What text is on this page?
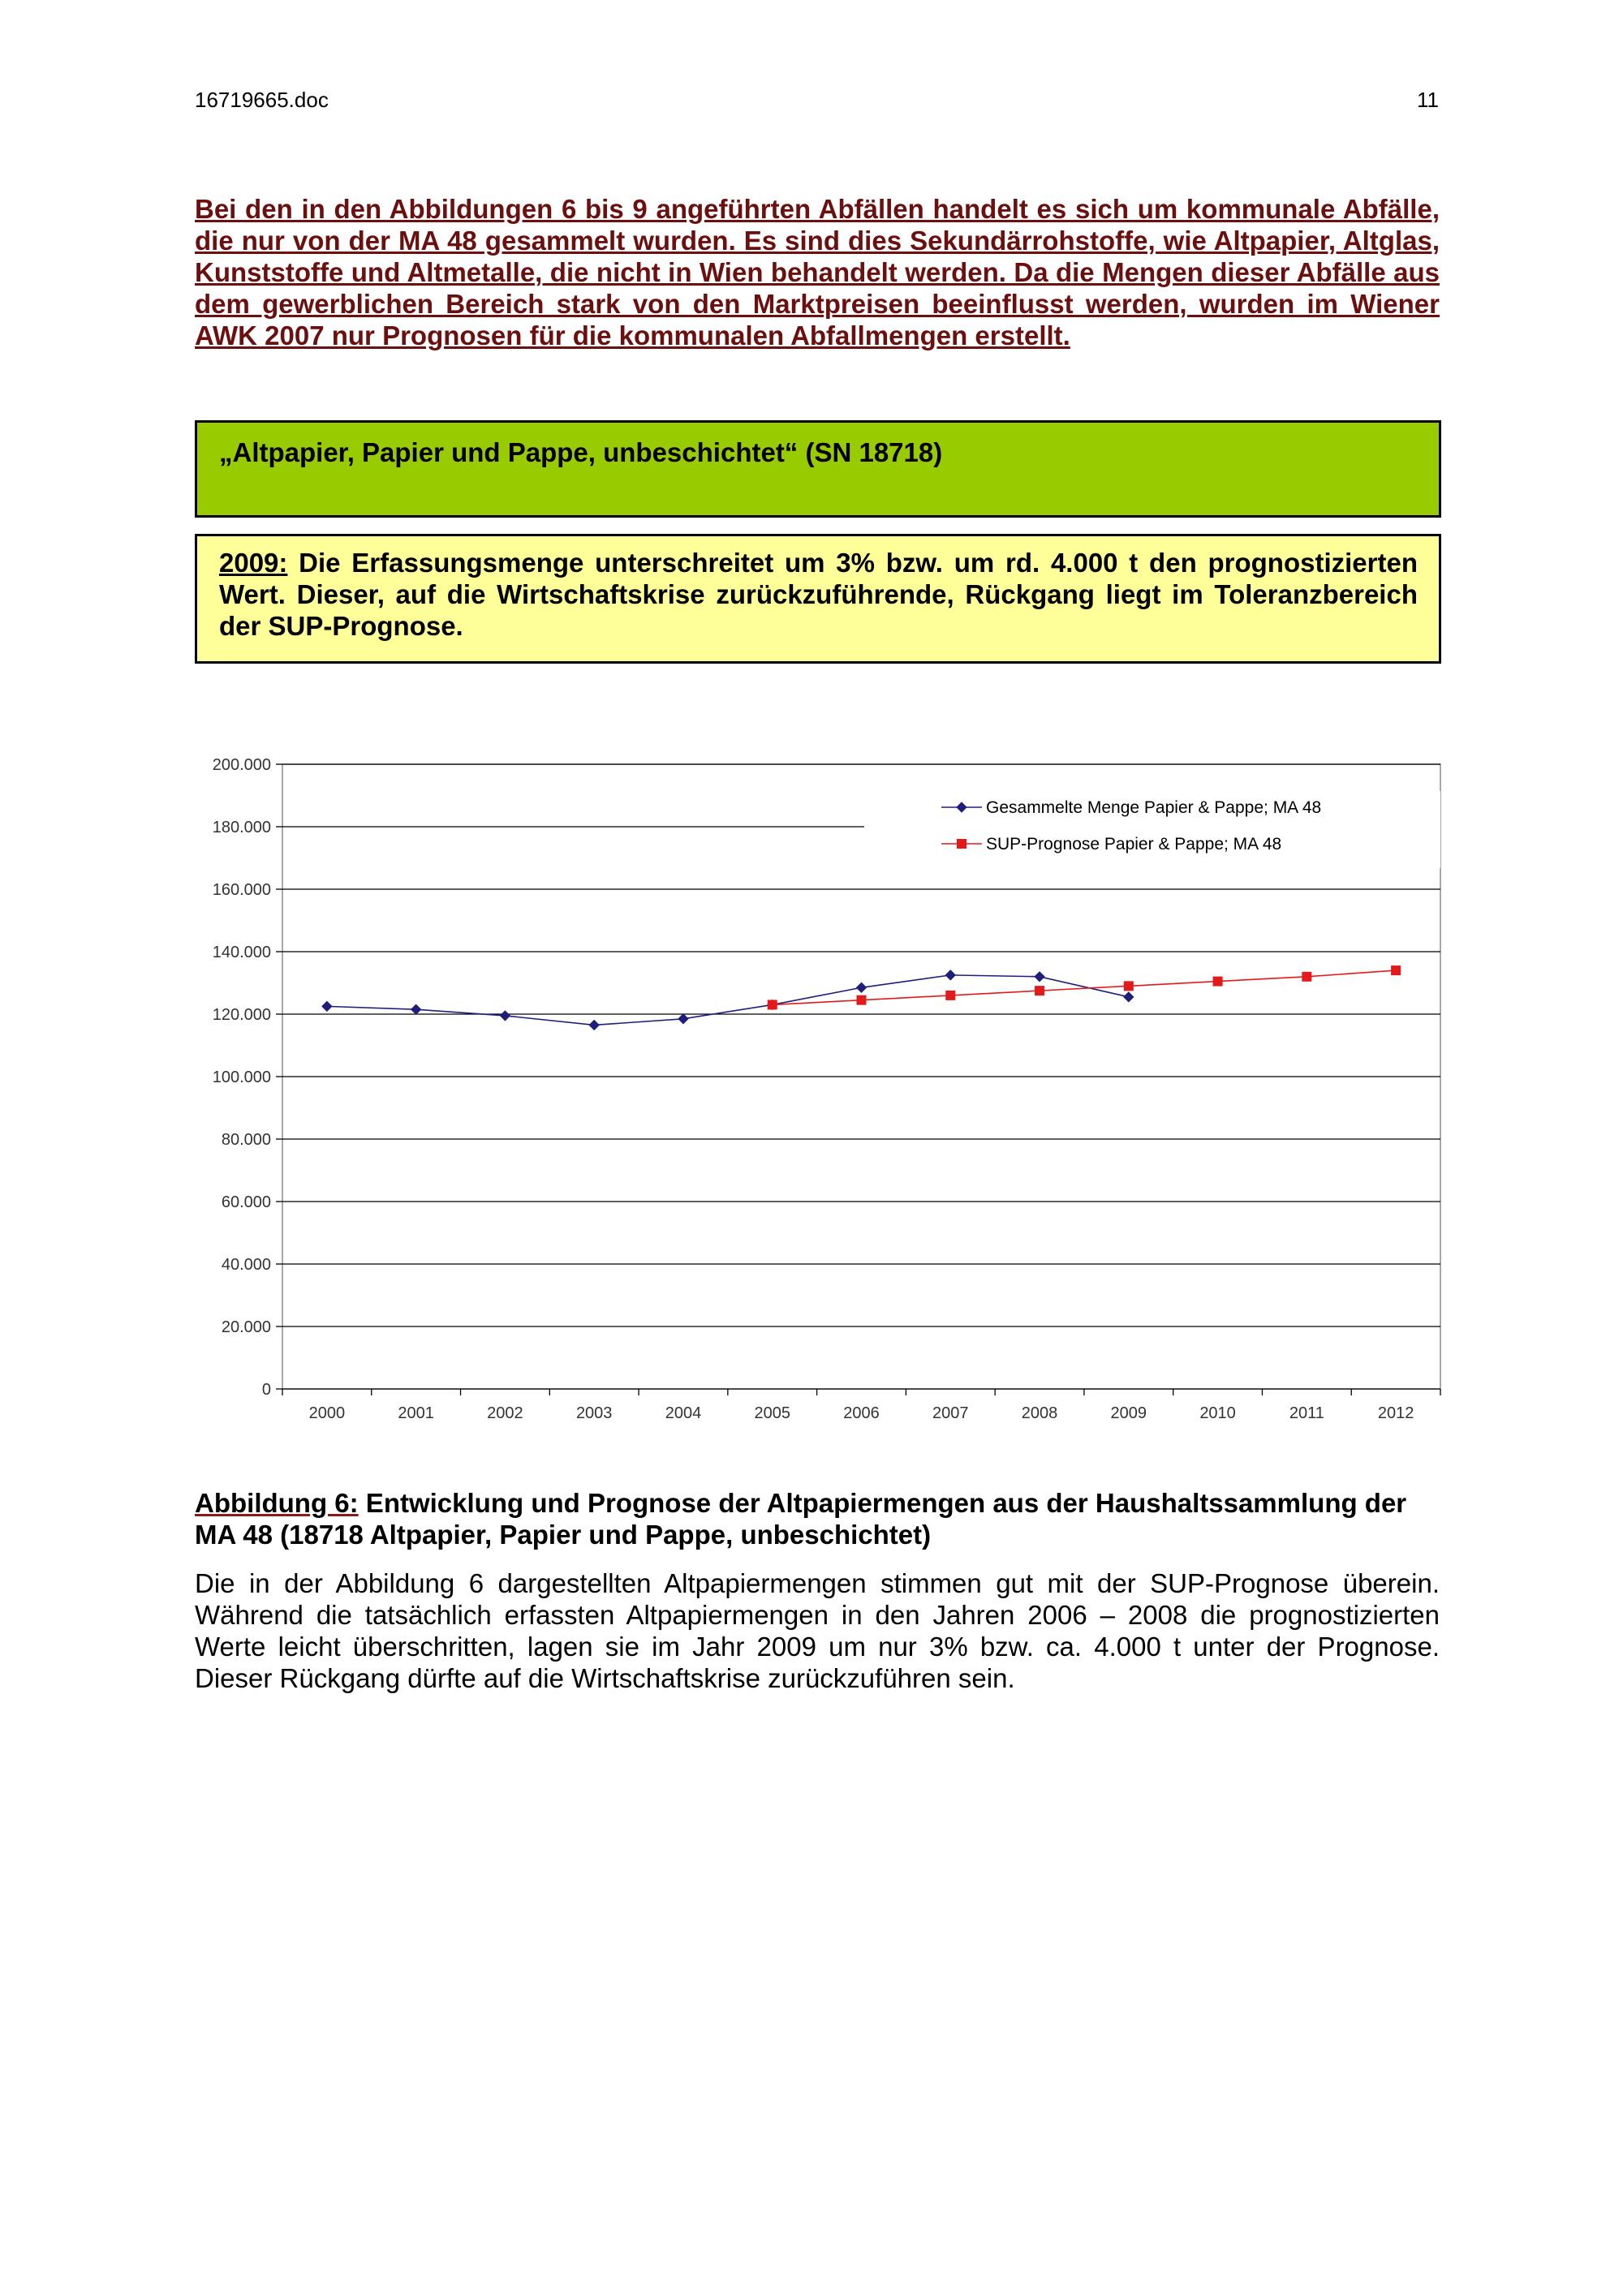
16719665.doc	11
Bei den in den Abbildungen 6 bis 9 angeführten Abfällen handelt es sich um kommunale Abfälle, die nur von der MA 48 gesammelt wurden. Es sind dies Sekundärrohstoffe, wie Altpapier, Altglas, Kunststoffe und Altmetalle, die nicht in Wien behandelt werden. Da die Mengen dieser Abfälle aus dem gewerblichen Bereich stark von den Marktpreisen beeinflusst werden, wurden im Wiener AWK 2007 nur Prognosen für die kommunalen Abfallmengen erstellt.
„Altpapier, Papier und Pappe, unbeschichtet“ (SN 18718)

2009: Die Erfassungsmenge unterschreitet um 3% bzw. um rd. 4.000 t den prognostizierten Wert. Dieser, auf die Wirtschaftskrise zurückzuführende, Rückgang liegt im Toleranzbereich der SUP-Prognose.

0
20.000
40.000
60.000
80.000
100.000
120.000
140.000
160.000
180.000
200.000
2000	2001	2002	2003	2004	2005	2006	2007	2008	2009	2010	2011	2012
Gesammelte Menge Papier & Pappe; MA 48
SUP-Prognose Papier & Pappe; MA 48
Abbildung 6: Entwicklung und Prognose der Altpapiermengen aus der Haushaltssammlung der MA 48 (18718 Altpapier, Papier und Pappe, unbeschichtet)
Die in der Abbildung 6 dargestellten Altpapiermengen stimmen gut mit der SUP-Prognose überein. Während die tatsächlich erfassten Altpapiermengen in den Jahren 2006 – 2008 die prognostizierten Werte leicht überschritten, lagen sie im Jahr 2009 um nur 3% bzw. ca. 4.000 t unter der Prognose. Dieser Rückgang dürfte auf die Wirtschaftskrise zurückzuführen sein.
